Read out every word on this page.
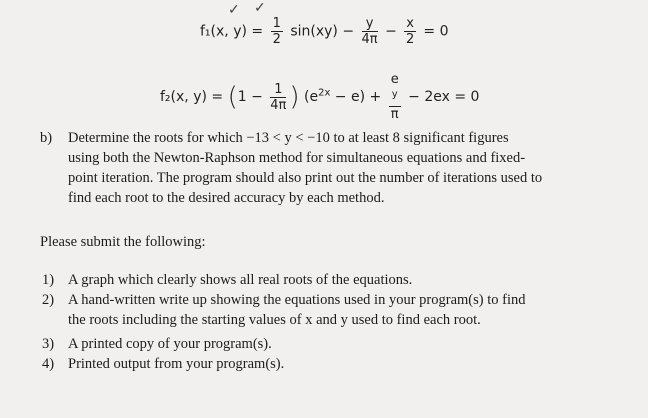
✓ ✓
f₁(x, $y) = \frac{1}{2} \sin(xy) - \frac{y}{4\pi} - \frac{x}{2} = 0$
f₂(x, $y) = (1 - \frac{1}{4\pi}$ ) $(e^{2x} - e) + e$
$^y$
π − 2ex = 0
b) Determine the roots for which −13 < y < −10 to at least 8 significant figures
using both the Newton-Raphson method for simultaneous equations and fixed-
point iteration. The program should also print out the number of iterations used to
find each root to the desired accuracy by each method.
Please submit the following:
1) A graph which clearly shows all real roots of the equations.
2) A hand-written write up showing the equations used in your program(s) to find
the roots including the starting values of x and y used to find each root.
3) A printed copy of your program(s).
4) Printed output from your program(s).
